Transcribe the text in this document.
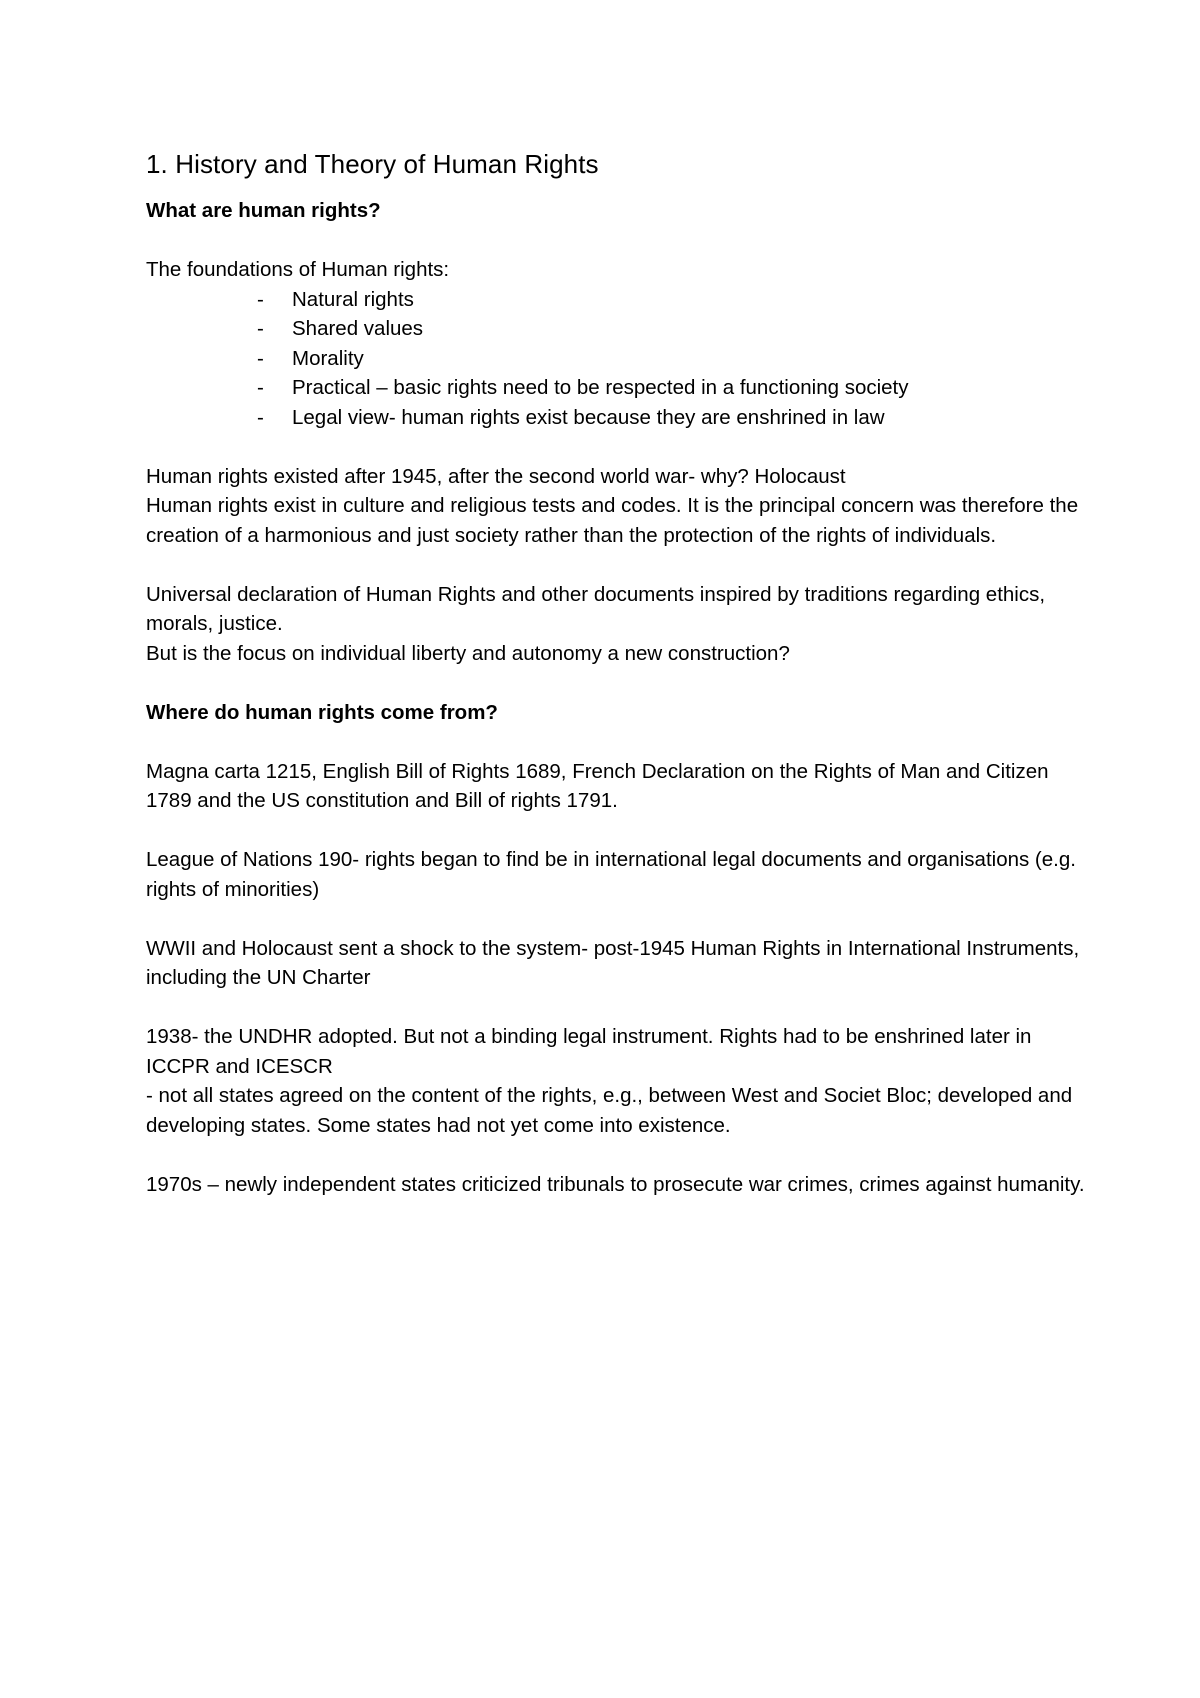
1. History and Theory of Human Rights

What are human rights?

The foundations of Human rights:

- Natural rights
- Shared values
- Morality
- Practical – basic rights need to be respected in a functioning society
- Legal view- human rights exist because they are enshrined in law

Human rights existed after 1945, after the second world war- why? Holocaust

Human rights exist in culture and religious tests and codes. It is the principal concern was therefore the creation of a harmonious and just society rather than the protection of the rights of individuals.

Universal declaration of Human Rights and other documents inspired by traditions regarding ethics, morals, justice.

But is the focus on individual liberty and autonomy a new construction?

Where do human rights come from?

Magna carta 1215, English Bill of Rights 1689, French Declaration on the Rights of Man and Citizen 1789 and the US constitution and Bill of rights 1791.

League of Nations 190- rights began to find be in international legal documents and organisations (e.g. rights of minorities)

WWII and Holocaust sent a shock to the system- post-1945 Human Rights in International Instruments, including the UN Charter

1938- the UNDHR adopted. But not a binding legal instrument. Rights had to be enshrined later in ICCPR and ICESCR

- not all states agreed on the content of the rights, e.g., between West and Societ Bloc; developed and developing states. Some states had not yet come into existence.

1970s – newly independent states criticized tribunals to prosecute war crimes, crimes against humanity.
